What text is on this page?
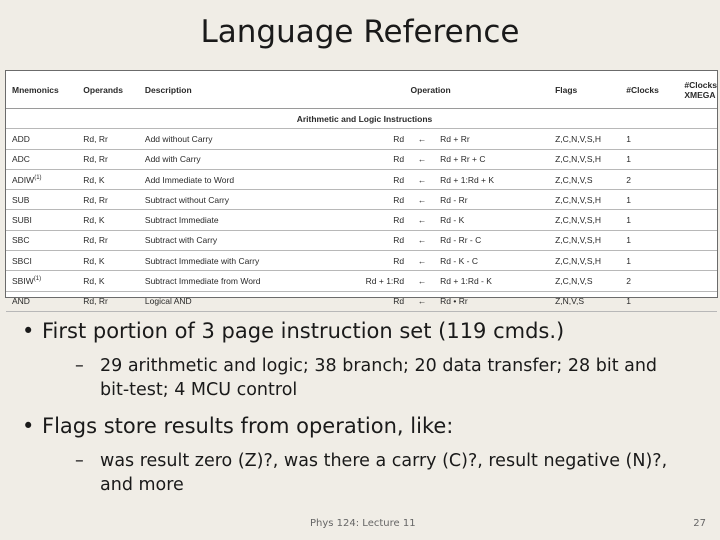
Language Reference
Mnemonics	Operands	Description	Operation	Flags	#Clocks	#Clocks
XMEGA
Arithmetic and Logic Instructions						
ADD	Rd, Rr	Add without Carry	Rd ← Rd + Rr	Z,C,N,V,S,H	1	
ADC	Rd, Rr	Add with Carry	Rd ← Rd + Rr + C	Z,C,N,V,S,H	1	
ADIW$^{(1)}$	Rd, K	Add Immediate to Word	Rd ← Rd + 1:Rd + K	Z,C,N,V,S	2	
SUB	Rd, Rr	Subtract without Carry	Rd ← Rd - Rr	Z,C,N,V,S,H	1	
SUBI	Rd, K	Subtract Immediate	Rd ← Rd - K	Z,C,N,V,S,H	1	
SBC	Rd, Rr	Subtract with Carry	Rd ← Rd - Rr - C	Z,C,N,V,S,H	1	
SBCI	Rd, K	Subtract Immediate with Carry	Rd ← Rd - K - C	Z,C,N,V,S,H	1	
SBIW$^{(1)}$	Rd, K	Subtract Immediate from Word	Rd + 1:Rd ← Rd + 1:Rd - K	Z,C,N,V,S	2	
AND	Rd, Rr	Logical AND	Rd ← Rd • Rr	Z,N,V,S	1	
• First portion of 3 page instruction set (119 cmds.)
– 29 arithmetic and logic; 38 branch; 20 data transfer; 28 bit and bit-test; 4 MCU control
• Flags store results from operation, like:
– was result zero (Z)?, was there a carry (C)?, result negative (N)?, and more
Phys 124: Lecture 11	27
